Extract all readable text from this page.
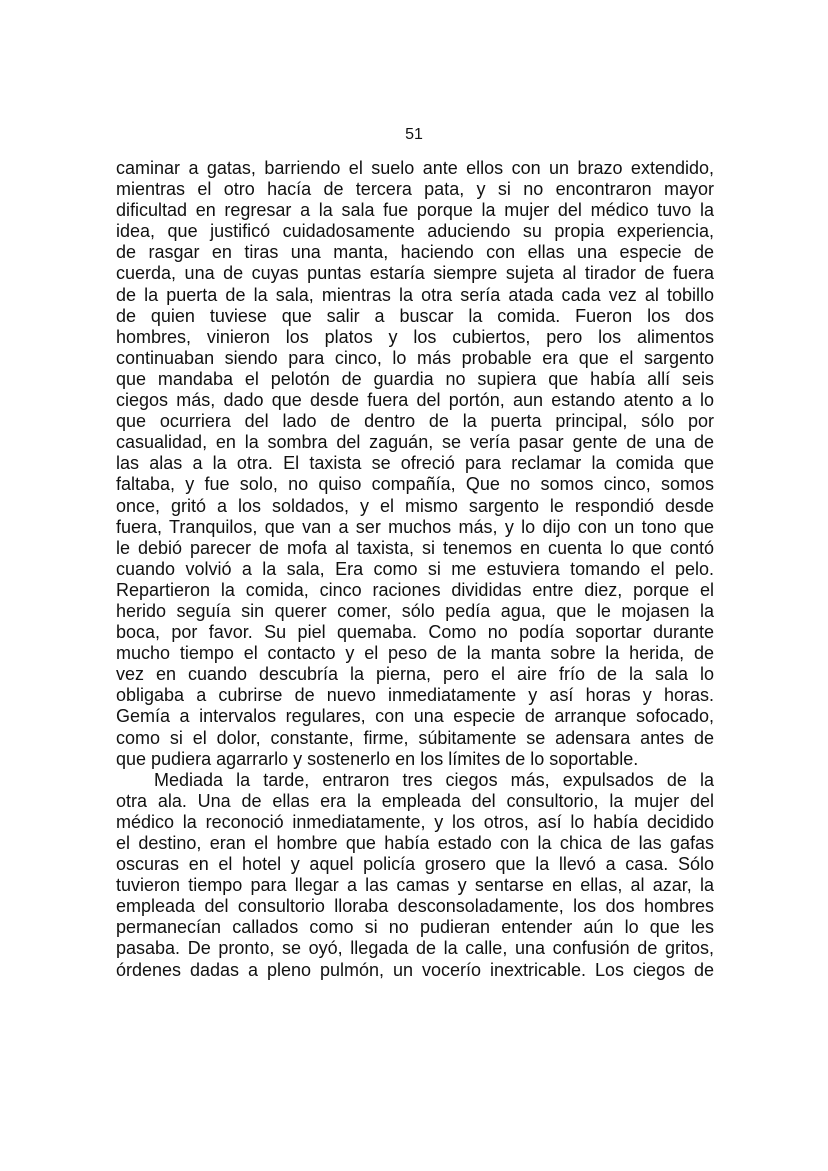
51
caminar a gatas, barriendo el suelo ante ellos con un brazo extendido,
mientras el otro hacía de tercera pata, y si no encontraron mayor
dificultad en regresar a la sala fue porque la mujer del médico tuvo la
idea, que justificó cuidadosamente aduciendo su propia experiencia,
de rasgar en tiras una manta, haciendo con ellas una especie de
cuerda, una de cuyas puntas estaría siempre sujeta al tirador de fuera
de la puerta de la sala, mientras la otra sería atada cada vez al tobillo
de quien tuviese que salir a buscar la comida. Fueron los dos
hombres, vinieron los platos y los cubiertos, pero los alimentos
continuaban siendo para cinco, lo más probable era que el sargento
que mandaba el pelotón de guardia no supiera que había allí seis
ciegos más, dado que desde fuera del portón, aun estando atento a lo
que ocurriera del lado de dentro de la puerta principal, sólo por
casualidad, en la sombra del zaguán, se vería pasar gente de una de
las alas a la otra. El taxista se ofreció para reclamar la comida que
faltaba, y fue solo, no quiso compañía, Que no somos cinco, somos
once, gritó a los soldados, y el mismo sargento le respondió desde
fuera, Tranquilos, que van a ser muchos más, y lo dijo con un tono que
le debió parecer de mofa al taxista, si tenemos en cuenta lo que contó
cuando volvió a la sala, Era como si me estuviera tomando el pelo.
Repartieron la comida, cinco raciones divididas entre diez, porque el
herido seguía sin querer comer, sólo pedía agua, que le mojasen la
boca, por favor. Su piel quemaba. Como no podía soportar durante
mucho tiempo el contacto y el peso de la manta sobre la herida, de
vez en cuando descubría la pierna, pero el aire frío de la sala lo
obligaba a cubrirse de nuevo inmediatamente y así horas y horas.
Gemía a intervalos regulares, con una especie de arranque sofocado,
como si el dolor, constante, firme, súbitamente se adensara antes de
que pudiera agarrarlo y sostenerlo en los límites de lo soportable.
Mediada la tarde, entraron tres ciegos más, expulsados de la
otra ala. Una de ellas era la empleada del consultorio, la mujer del
médico la reconoció inmediatamente, y los otros, así lo había decidido
el destino, eran el hombre que había estado con la chica de las gafas
oscuras en el hotel y aquel policía grosero que la llevó a casa. Sólo
tuvieron tiempo para llegar a las camas y sentarse en ellas, al azar, la
empleada del consultorio lloraba desconsoladamente, los dos hombres
permanecían callados como si no pudieran entender aún lo que les
pasaba. De pronto, se oyó, llegada de la calle, una confusión de gritos,
órdenes dadas a pleno pulmón, un vocerío inextricable. Los ciegos de
